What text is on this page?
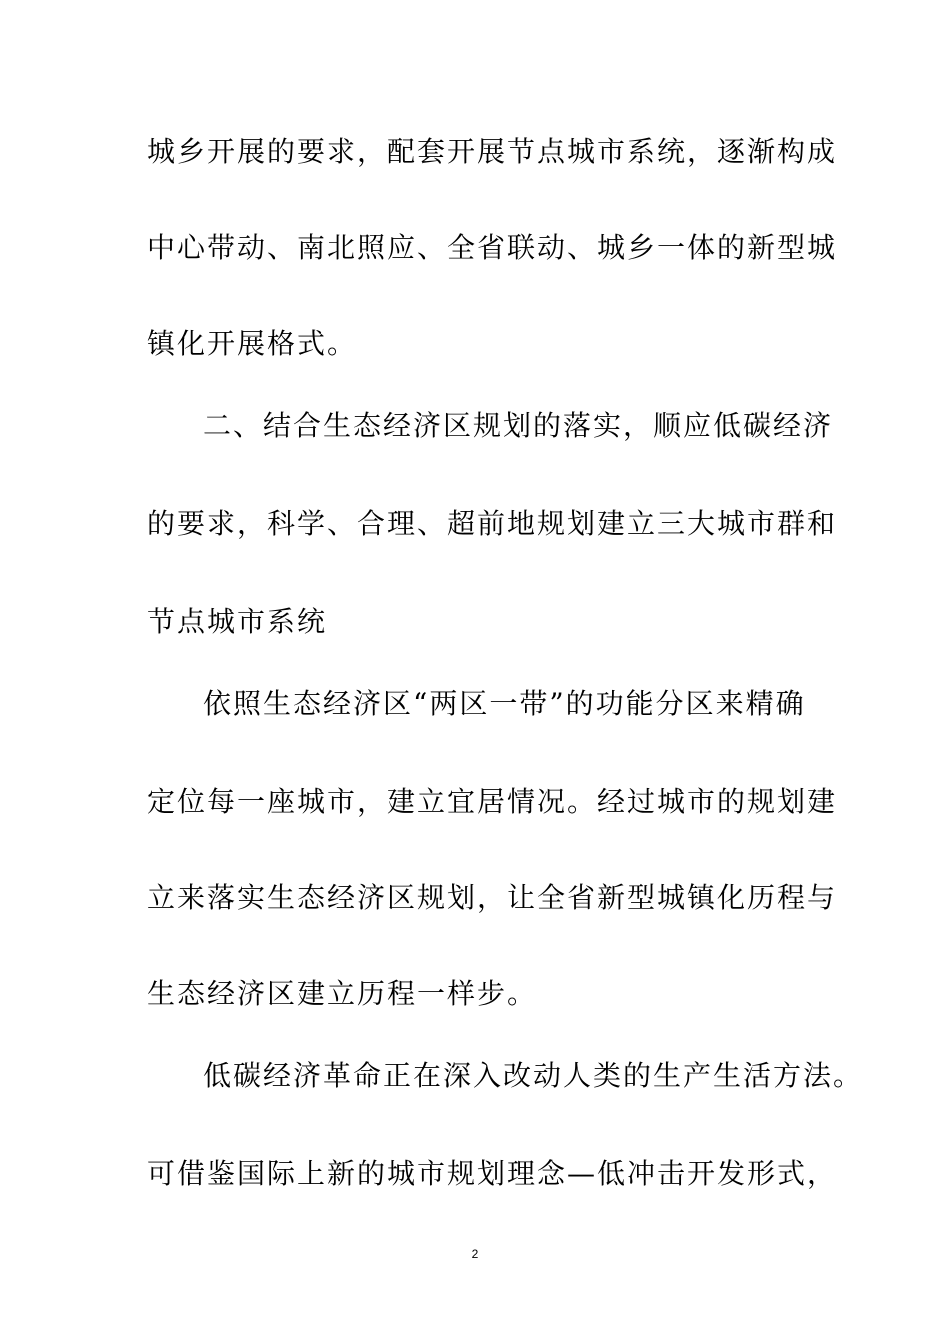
城乡开展的要求，配套开展节点城市系统，逐渐构成
中心带动、南北照应、全省联动、城乡一体的新型城
镇化开展格式。
二、结合生态经济区规划的落实，顺应低碳经济
的要求，科学、合理、超前地规划建立三大城市群和
节点城市系统
依照生态经济区“两区一带”的功能分区来精确
定位每一座城市，建立宜居情况。经过城市的规划建
立来落实生态经济区规划，让全省新型城镇化历程与
生态经济区建立历程一样步。
低碳经济革命正在深入改动人类的生产生活方法。
可借鉴国际上新的城市规划理念—低冲击开发形式，
2
